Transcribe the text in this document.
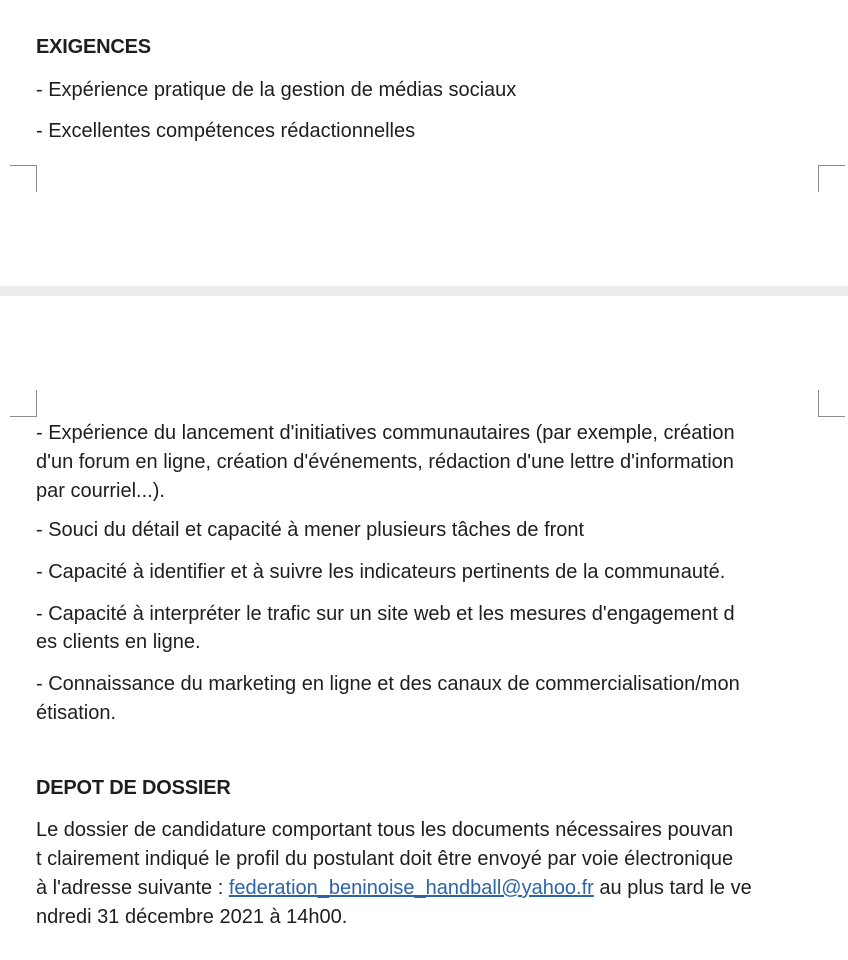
EXIGENCES
- Expérience pratique de la gestion de médias sociaux
- Excellentes compétences rédactionnelles
- Expérience du lancement d'initiatives communautaires (par exemple, création
d'un forum en ligne, création d'événements, rédaction d'une lettre d'information
par courriel...).
- Souci du détail et capacité à mener plusieurs tâches de front
- Capacité à identifier et à suivre les indicateurs pertinents de la communauté.
- Capacité à interpréter le trafic sur un site web et les mesures d'engagement d
es clients en ligne.
- Connaissance du marketing en ligne et des canaux de commercialisation/mon
étisation.
DEPOT DE DOSSIER
Le dossier de candidature comportant tous les documents nécessaires pouvan
t clairement indiqué le profil du postulant doit être envoyé par voie électronique
à l'adresse suivante : federation_beninoise_handball@yahoo.fr au plus tard le ve
ndredi 31 décembre 2021 à 14h00.
